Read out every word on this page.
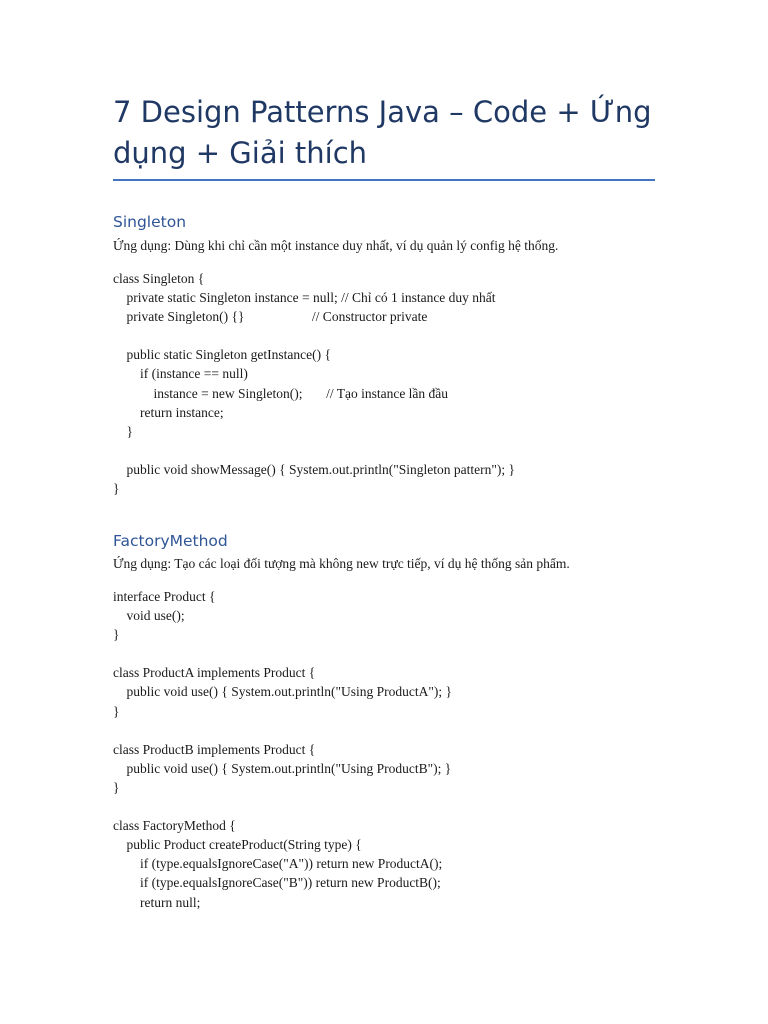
7 Design Patterns Java – Code + Ứng dụng + Giải thích
Singleton

Ứng dụng: Dùng khi chỉ cần một instance duy nhất, ví dụ quản lý config hệ thống.

class Singleton {
private static Singleton instance = null; // Chỉ có 1 instance duy nhất
private Singleton() {}                    // Constructor private
public static Singleton getInstance() {
if (instance == null)
instance = new Singleton();       // Tạo instance lần đầu
return instance;
}
public void showMessage() { System.out.println("Singleton pattern"); }
}
FactoryMethod

Ứng dụng: Tạo các loại đối tượng mà không new trực tiếp, ví dụ hệ thống sản phẩm.

interface Product {
void use();
}
class ProductA implements Product {
public void use() { System.out.println("Using ProductA"); }
}
class ProductB implements Product {
public void use() { System.out.println("Using ProductB"); }
}
class FactoryMethod {
public Product createProduct(String type) {
if (type.equalsIgnoreCase("A")) return new ProductA();
if (type.equalsIgnoreCase("B")) return new ProductB();
return null;
